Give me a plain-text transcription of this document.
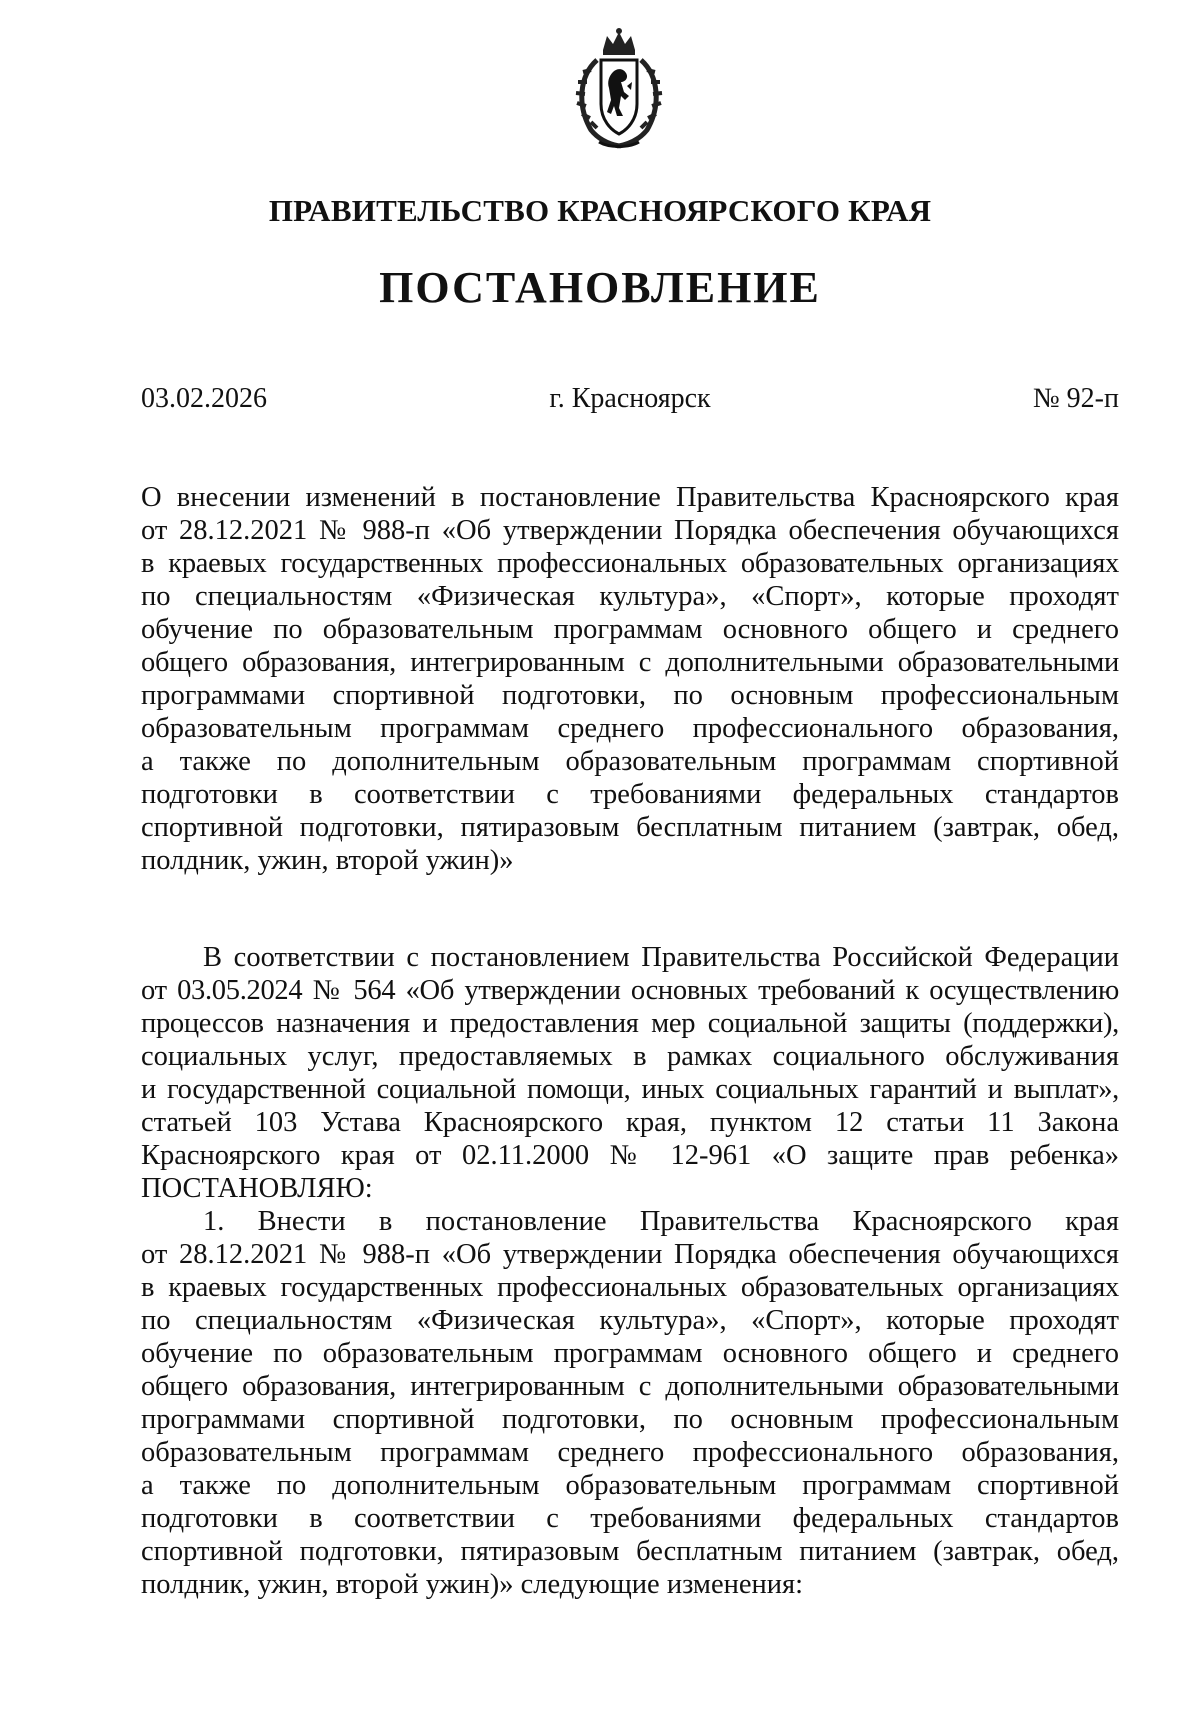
ПРАВИТЕЛЬСТВО КРАСНОЯРСКОГО КРАЯ
ПОСТАНОВЛЕНИЕ
03.02.2026	г. Красноярск	№ 92-п
О внесении изменений в постановление Правительства Красноярского края
от 28.12.2021 № 988-п «Об утверждении Порядка обеспечения обучающихся
в краевых государственных профессиональных образовательных организациях
по специальностям «Физическая культура», «Спорт», которые проходят
обучение по образовательным программам основного общего и среднего
общего образования, интегрированным с дополнительными образовательными
программами спортивной подготовки, по основным профессиональным
образовательным программам среднего профессионального образования,
а также по дополнительным образовательным программам спортивной
подготовки в соответствии с требованиями федеральных стандартов
спортивной подготовки, пятиразовым бесплатным питанием (завтрак, обед,
полдник, ужин, второй ужин)»
В соответствии с постановлением Правительства Российской Федерации
от 03.05.2024 № 564 «Об утверждении основных требований к осуществлению
процессов назначения и предоставления мер социальной защиты (поддержки),
социальных услуг, предоставляемых в рамках социального обслуживания
и государственной социальной помощи, иных социальных гарантий и выплат»,
статьей 103 Устава Красноярского края, пунктом 12 статьи 11 Закона
Красноярского края от 02.11.2000 № 12-961 «О защите прав ребенка»
ПОСТАНОВЛЯЮ:
1. Внести в постановление Правительства Красноярского края
от 28.12.2021 № 988-п «Об утверждении Порядка обеспечения обучающихся
в краевых государственных профессиональных образовательных организациях
по специальностям «Физическая культура», «Спорт», которые проходят
обучение по образовательным программам основного общего и среднего
общего образования, интегрированным с дополнительными образовательными
программами спортивной подготовки, по основным профессиональным
образовательным программам среднего профессионального образования,
а также по дополнительным образовательным программам спортивной
подготовки в соответствии с требованиями федеральных стандартов
спортивной подготовки, пятиразовым бесплатным питанием (завтрак, обед,
полдник, ужин, второй ужин)» следующие изменения:
